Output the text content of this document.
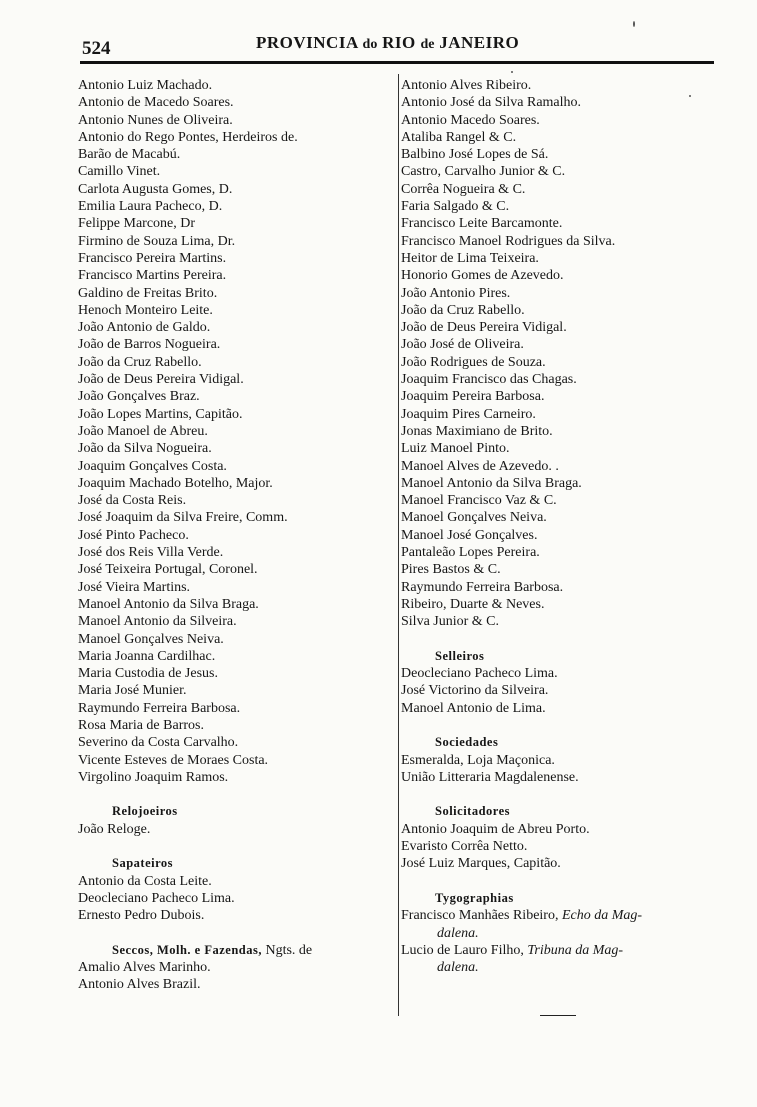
524	PROVINCIA do RIO de JANEIRO
Antonio Luiz Machado.
Antonio de Macedo Soares.
Antonio Nunes de Oliveira.
Antonio do Rego Pontes, Herdeiros de.
Barão de Macabú.
Camillo Vinet.
Carlota Augusta Gomes, D.
Emilia Laura Pacheco, D.
Felippe Marcone, Dr
Firmino de Souza Lima, Dr.
Francisco Pereira Martins.
Francisco Martins Pereira.
Galdino de Freitas Brito.
Henoch Monteiro Leite.
João Antonio de Galdo.
João de Barros Nogueira.
João da Cruz Rabello.
João de Deus Pereira Vidigal.
João Gonçalves Braz.
João Lopes Martins, Capitão.
João Manoel de Abreu.
João da Silva Nogueira.
Joaquim Gonçalves Costa.
Joaquim Machado Botelho, Major.
José da Costa Reis.
José Joaquim da Silva Freire, Comm.
José Pinto Pacheco.
José dos Reis Villa Verde.
José Teixeira Portugal, Coronel.
José Vieira Martins.
Manoel Antonio da Silva Braga.
Manoel Antonio da Silveira.
Manoel Gonçalves Neiva.
Maria Joanna Cardilhac.
Maria Custodia de Jesus.
Maria José Munier.
Raymundo Ferreira Barbosa.
Rosa Maria de Barros.
Severino da Costa Carvalho.
Vicente Esteves de Moraes Costa.
Virgolino Joaquim Ramos.
Relojoeiros
João Reloge.
Sapateiros
Antonio da Costa Leite.
Deocleciano Pacheco Lima.
Ernesto Pedro Dubois.
Seccos, Molh. e Fazendas, Ngts. de
Amalio Alves Marinho.
Antonio Alves Brazil.
Antonio Alves Ribeiro.
Antonio José da Silva Ramalho.
Antonio Macedo Soares.
Ataliba Rangel & C.
Balbino José Lopes de Sá.
Castro, Carvalho Junior & C.
Corrêa Nogueira & C.
Faria Salgado & C.
Francisco Leite Barcamonte.
Francisco Manoel Rodrigues da Silva.
Heitor de Lima Teixeira.
Honorio Gomes de Azevedo.
João Antonio Pires.
João da Cruz Rabello.
João de Deus Pereira Vidigal.
João José de Oliveira.
João Rodrigues de Souza.
Joaquim Francisco das Chagas.
Joaquim Pereira Barbosa.
Joaquim Pires Carneiro.
Jonas Maximiano de Brito.
Luiz Manoel Pinto.
Manoel Alves de Azevedo. .
Manoel Antonio da Silva Braga.
Manoel Francisco Vaz & C.
Manoel Gonçalves Neiva.
Manoel José Gonçalves.
Pantaleão Lopes Pereira.
Pires Bastos & C.
Raymundo Ferreira Barbosa.
Ribeiro, Duarte & Neves.
Silva Junior & C.
Selleiros
Deocleciano Pacheco Lima.
José Victorino da Silveira.
Manoel Antonio de Lima.
Sociedades
Esmeralda, Loja Maçonica.
União Litteraria Magdalenense.
Solicitadores
Antonio Joaquim de Abreu Porto.
Evaristo Corrêa Netto.
José Luiz Marques, Capitão.
Tygographias
Francisco Manhães Ribeiro, Echo da Mag-
dalena.
Lucio de Lauro Filho, Tribuna da Mag-
dalena.
